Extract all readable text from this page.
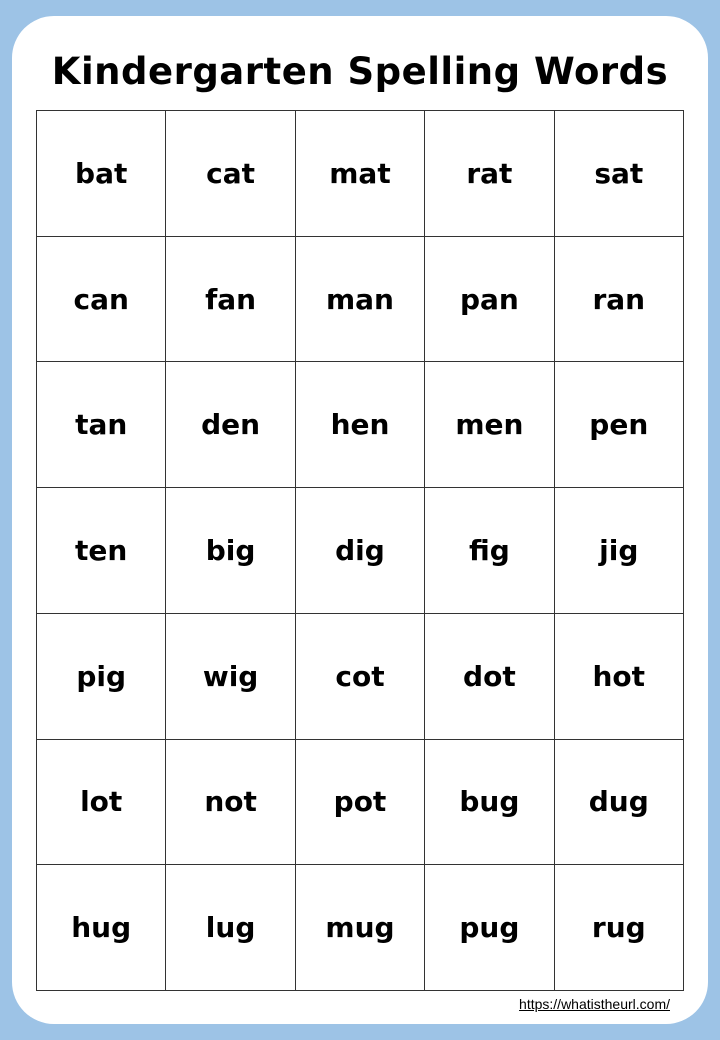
Kindergarten Spelling Words
bat	cat	mat	rat	sat
can	fan	man	pan	ran
tan	den	hen	men	pen
ten	big	dig	fig	jig
pig	wig	cot	dot	hot
lot	not	pot	bug	dug
hug	lug	mug	pug	rug
https://whatistheurl.com/
